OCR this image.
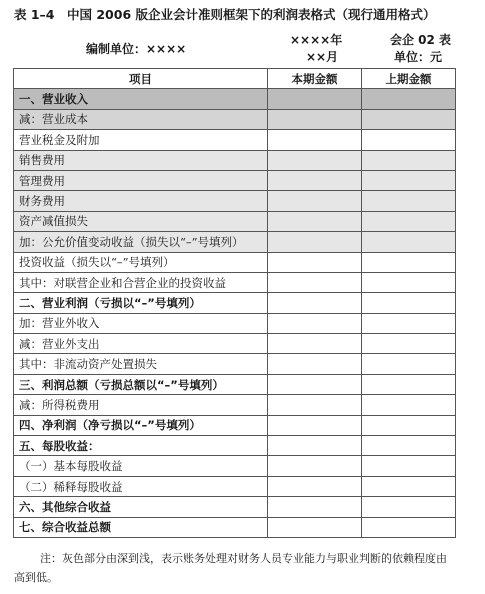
表 1–4　中国 2006 版企业会计准则框架下的利润表格式（现行通用格式）
编制单位：××××
××××年
××月
会企 02 表
单位：元
项目	本期金额	上期金额
一、营业收入		
减：营业成本		
营业税金及附加		
销售费用		
管理费用		
财务费用		
资产减值损失		
加：公允价值变动收益（损失以“–”号填列）		
投资收益（损失以“–”号填列）		
其中：对联营企业和合营企业的投资收益		
二、营业利润（亏损以“–”号填列）		
加：营业外收入		
减：营业外支出		
其中：非流动资产处置损失		
三、利润总额（亏损总额以“–”号填列）		
减：所得税费用		
四、净利润（净亏损以“–”号填列）		
五、每股收益：		
（一）基本每股收益		
（二）稀释每股收益		
六、其他综合收益		
七、综合收益总额		
注：灰色部分由深到浅，表示账务处理对财务人员专业能力与职业判断的依赖程度由高到低。
